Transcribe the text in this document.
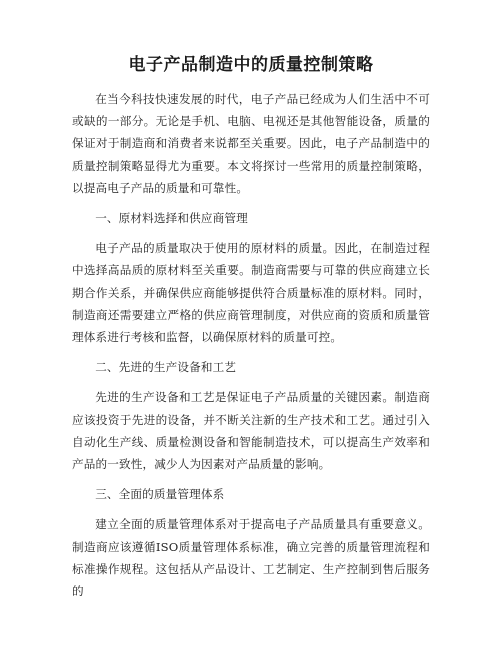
电子产品制造中的质量控制策略

在当今科技快速发展的时代，电子产品已经成为人们生活中不可或缺的一部分。无论是手机、电脑、电视还是其他智能设备，质量的保证对于制造商和消费者来说都至关重要。因此，电子产品制造中的质量控制策略显得尤为重要。本文将探讨一些常用的质量控制策略，以提高电子产品的质量和可靠性。

一、原材料选择和供应商管理

电子产品的质量取决于使用的原材料的质量。因此，在制造过程中选择高品质的原材料至关重要。制造商需要与可靠的供应商建立长期合作关系，并确保供应商能够提供符合质量标准的原材料。同时，制造商还需要建立严格的供应商管理制度，对供应商的资质和质量管理体系进行考核和监督，以确保原材料的质量可控。

二、先进的生产设备和工艺

先进的生产设备和工艺是保证电子产品质量的关键因素。制造商应该投资于先进的设备，并不断关注新的生产技术和工艺。通过引入自动化生产线、质量检测设备和智能制造技术，可以提高生产效率和产品的一致性，减少人为因素对产品质量的影响。

三、全面的质量管理体系

建立全面的质量管理体系对于提高电子产品质量具有重要意义。制造商应该遵循ISO质量管理体系标准，确立完善的质量管理流程和标准操作规程。这包括从产品设计、工艺制定、生产控制到售后服务的
